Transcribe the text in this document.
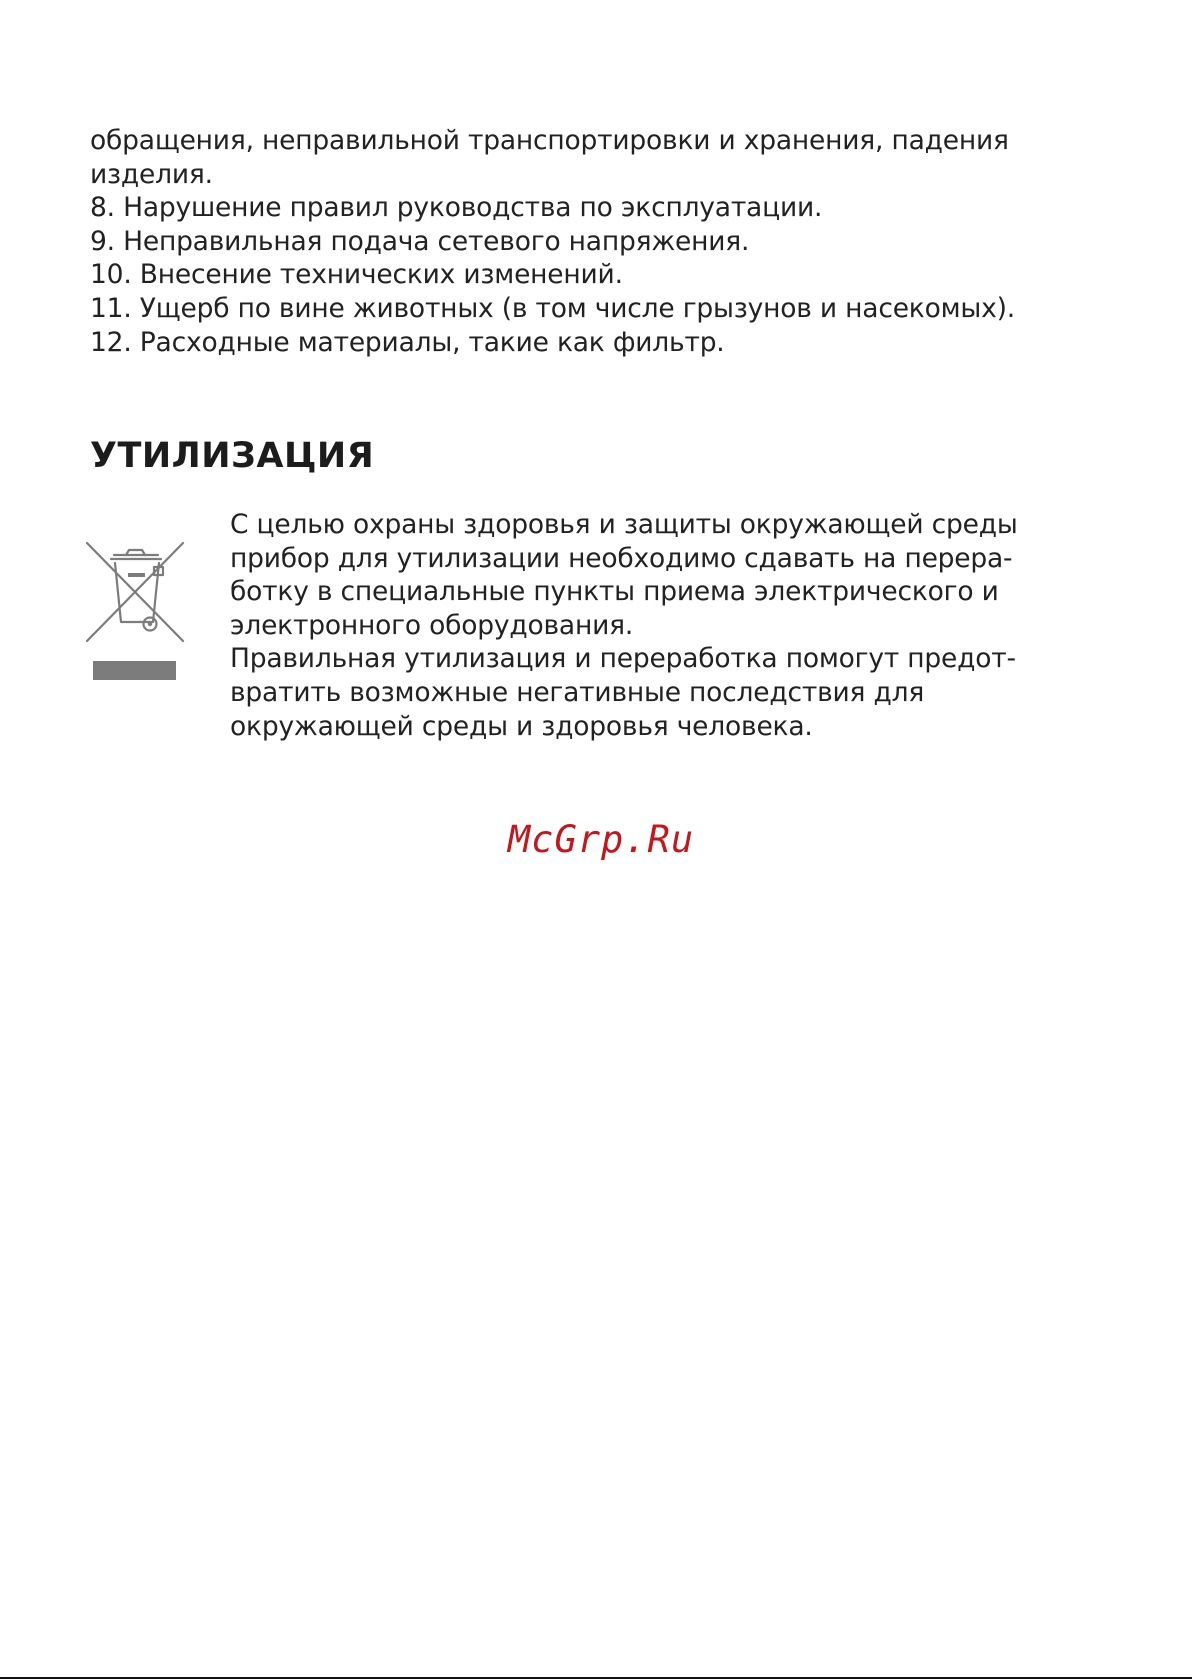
обращения, неправильной транспортировки и хранения, падения
изделия.
8. Нарушение правил руководства по эксплуатации.
9. Неправильная подача сетевого напряжения.
10. Внесение технических изменений.
11. Ущерб по вине животных (в том числе грызунов и насекомых).
12. Расходные материалы, такие как фильтр.
УТИЛИЗАЦИЯ
С целью охраны здоровья и защиты окружающей среды
прибор для утилизации необходимо сдавать на перера-
ботку в специальные пункты приема электрического и
электронного оборудования.
Правильная утилизация и переработка помогут предот-
вратить возможные негативные последствия для
окружающей среды и здоровья человека.
McGrp.Ru
